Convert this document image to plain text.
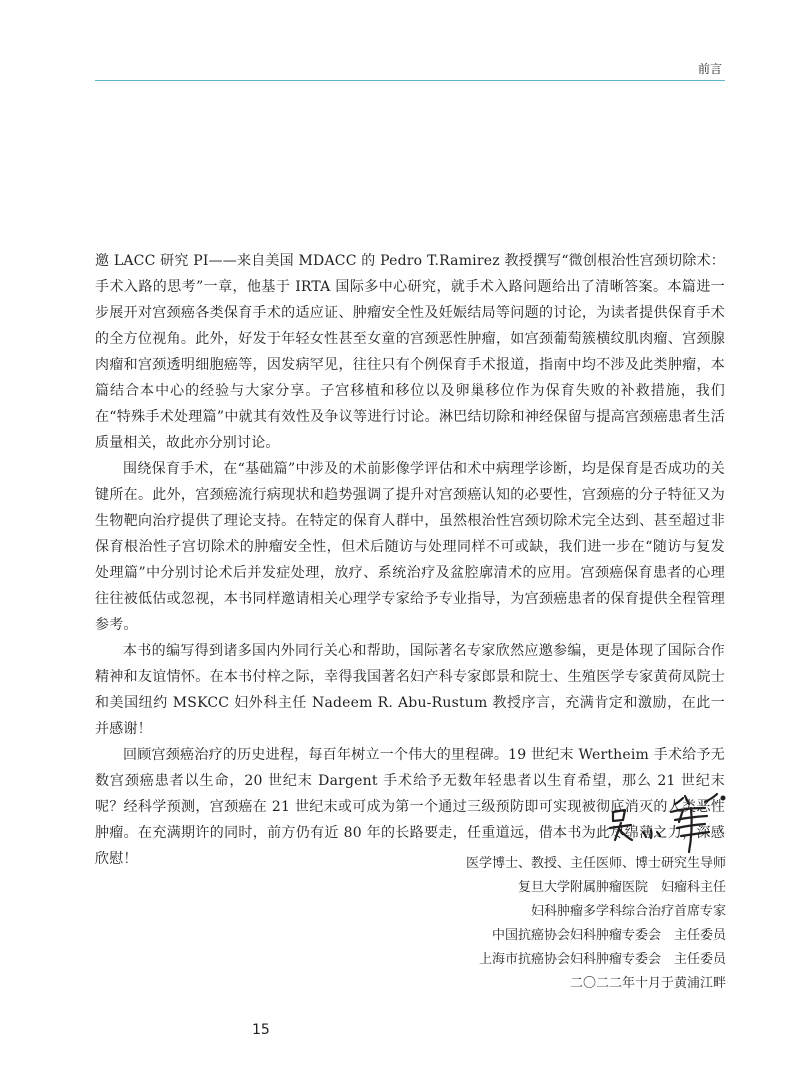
前言

邀 LACC 研究 PI——来自美国 MDACC 的 Pedro T.Ramirez 教授撰写“微创根治性宫颈切除术：手术入路的思考”一章，他基于 IRTA 国际多中心研究，就手术入路问题给出了清晰答案。本篇进一步展开对宫颈癌各类保育手术的适应证、肿瘤安全性及妊娠结局等问题的讨论，为读者提供保育手术的全方位视角。此外，好发于年轻女性甚至女童的宫颈恶性肿瘤，如宫颈葡萄簇横纹肌肉瘤、宫颈腺肉瘤和宫颈透明细胞癌等，因发病罕见，往往只有个例保育手术报道，指南中均不涉及此类肿瘤，本篇结合本中心的经验与大家分享。子宫移植和移位以及卵巢移位作为保育失败的补救措施，我们在“特殊手术处理篇”中就其有效性及争议等进行讨论。淋巴结切除和神经保留与提高宫颈癌患者生活质量相关，故此亦分别讨论。

围绕保育手术，在“基础篇”中涉及的术前影像学评估和术中病理学诊断，均是保育是否成功的关键所在。此外，宫颈癌流行病现状和趋势强调了提升对宫颈癌认知的必要性，宫颈癌的分子特征又为生物靶向治疗提供了理论支持。在特定的保育人群中，虽然根治性宫颈切除术完全达到、甚至超过非保育根治性子宫切除术的肿瘤安全性，但术后随访与处理同样不可或缺，我们进一步在“随访与复发处理篇”中分别讨论术后并发症处理，放疗、系统治疗及盆腔廓清术的应用。宫颈癌保育患者的心理往往被低估或忽视，本书同样邀请相关心理学专家给予专业指导，为宫颈癌患者的保育提供全程管理参考。

本书的编写得到诸多国内外同行关心和帮助，国际著名专家欣然应邀参编，更是体现了国际合作精神和友谊情怀。在本书付梓之际，幸得我国著名妇产科专家郎景和院士、生殖医学专家黄荷凤院士和美国纽约 MSKCC 妇外科主任 Nadeem R. Abu-Rustum 教授序言，充满肯定和激励，在此一并感谢！

回顾宫颈癌治疗的历史进程，每百年树立一个伟大的里程碑。19 世纪末 Wertheim 手术给予无数宫颈癌患者以生命，20 世纪末 Dargent 手术给予无数年轻患者以生育希望，那么 21 世纪末呢？经科学预测，宫颈癌在 21 世纪末或可成为第一个通过三级预防即可实现被彻底消灭的人类恶性肿瘤。在充满期许的同时，前方仍有近 80 年的长路要走，任重道远，借本书为此尽绵薄之力，深感欣慰！	医学博士、教授、主任医师、博士研究生导师
复旦大学附属肿瘤医院　妇瘤科主任
妇科肿瘤多学科综合治疗首席专家
中国抗癌协会妇科肿瘤专委会　主任委员
上海市抗癌协会妇科肿瘤专委会　主任委员
二〇二二年十月于黄浦江畔
15
